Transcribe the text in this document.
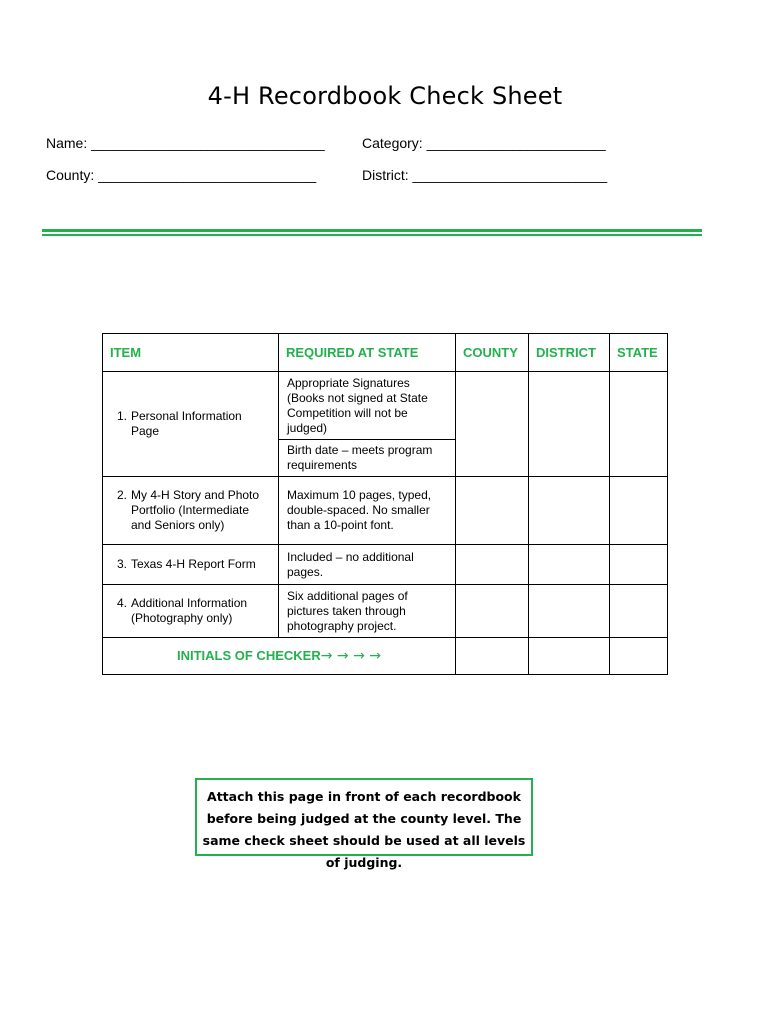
4-H Recordbook Check Sheet
Name: ______________________________	Category: _______________________
County: ____________________________	District: _________________________
ITEM	REQUIRED AT STATE	COUNTY	DISTRICT	STATE

1. Personal Information Page	Appropriate Signatures (Books not signed at State Competition will not be judged)			
	Birth date – meets program requirements			

2. My 4-H Story and Photo Portfolio (Intermediate and Seniors only)	Maximum 10 pages, typed, double-spaced. No smaller than a 10-point font.			

3. Texas 4-H Report Form	Included – no additional pages.			

4. Additional Information (Photography only)	Six additional pages of pictures taken through photography project.			
INITIALS OF CHECKER→ → → →				
Attach this page in front of each recordbook before being judged at the county level. The same check sheet should be used at all levels of judging.
